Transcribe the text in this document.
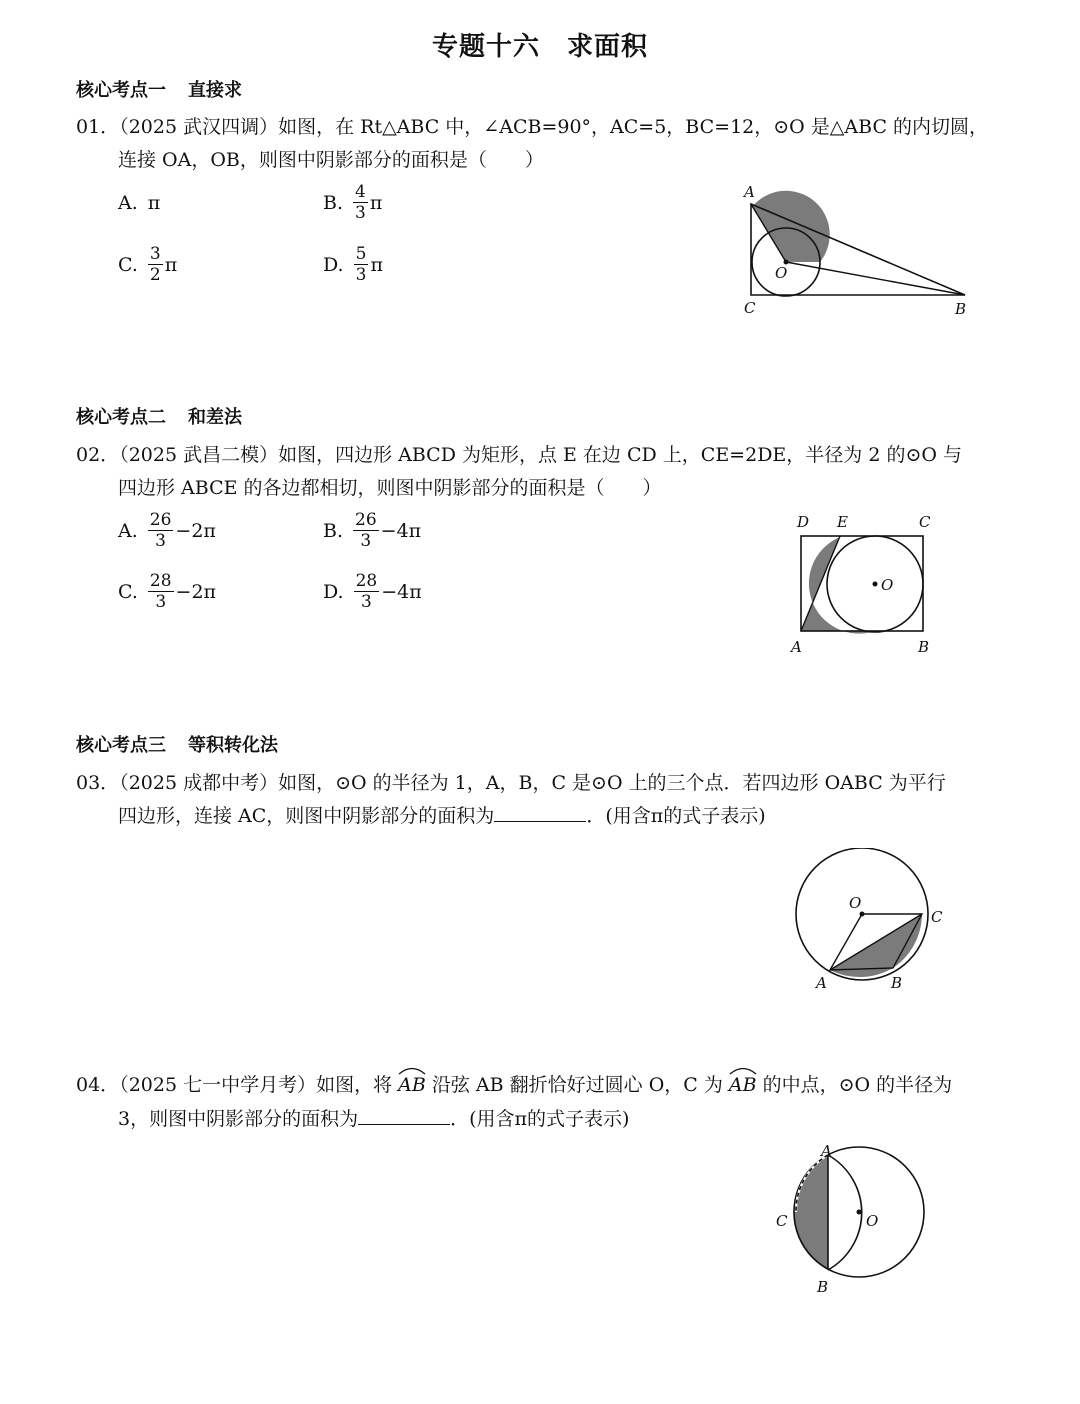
专题十六　求面积
核心考点一 直接求
01．（2025 武汉四调）如图，在 Rt△ABC 中，∠ACB=90°，AC=5，BC=12，⊙O 是△ABC 的内切圆，
连接 OA，OB，则图中阴影部分的面积是（　　）
A. π	B. $\frac{4}{3}$ π
C. $\frac{3}{2}$ π	D. $\frac{5}{3}$ π
A
O
C	B
核心考点二 和差法
02．（2025 武昌二模）如图，四边形 ABCD 为矩形，点 E 在边 CD 上，CE=2DE，半径为 2 的⊙O 与
四边形 ABCE 的各边都相切，则图中阴影部分的面积是（　　）
A. $\frac{26}{3} -2\pi$	B. $\frac{26}{3} -4\pi$
C. $\frac{28}{3} -2\pi$	D. $\frac{28}{3} -4\pi$
D E	C
O
A	B
核心考点三 等积转化法
03．（2025 成都中考）如图，⊙O 的半径为 1，A，B，C 是⊙O 上的三个点．若四边形 OABC 为平行
四边形，连接 AC，则图中阴影部分的面积为	．(用含π的式子表示)
O
C
A	B
04．（2025 七一中学月考）如图，将 AB 沿弦 AB 翻折恰好过圆心 O，C 为 AB 的中点，⊙O 的半径为
3，则图中阴影部分的面积为	．(用含π的式子表示)
A
C	O
B
